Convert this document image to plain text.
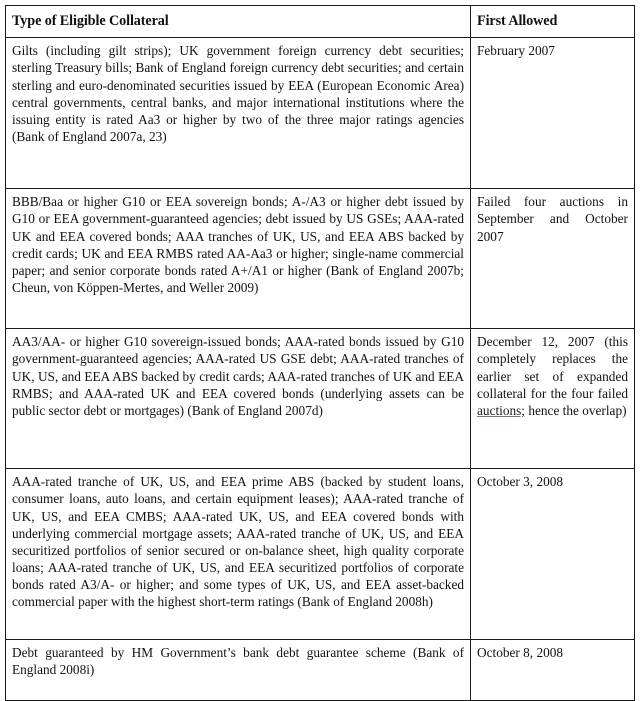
Type of Eligible Collateral	First Allowed
Gilts (including gilt strips); UK government foreign currency debt securities; sterling Treasury bills; Bank of England foreign currency debt securities; and certain sterling and euro-denominated securities issued by EEA (European Economic Area) central governments, central banks, and major international institutions where the issuing entity is rated Aa3 or higher by two of the three major ratings agencies (Bank of England 2007a, 23)	February 2007
BBB/Baa or higher G10 or EEA sovereign bonds; A-/A3 or higher debt issued by G10 or EEA government-guaranteed agencies; debt issued by US GSEs; AAA-rated UK and EEA covered bonds; AAA tranches of UK, US, and EEA ABS backed by credit cards; UK and EEA RMBS rated AA-Aa3 or higher; single-name commercial paper; and senior corporate bonds rated A+/A1 or higher (Bank of England 2007b; Cheun, von Köppen-Mertes, and Weller 2009)	Failed four auctions in September and October 2007
AA3/AA- or higher G10 sovereign-issued bonds; AAA-rated bonds issued by G10 government-guaranteed agencies; AAA-rated US GSE debt; AAA-rated tranches of UK, US, and EEA ABS backed by credit cards; AAA-rated tranches of UK and EEA RMBS; and AAA-rated UK and EEA covered bonds (underlying assets can be public sector debt or mortgages) (Bank of England 2007d)	December 12, 2007 (this completely replaces the earlier set of expanded collateral for the four failed auctions; hence the overlap)
AAA-rated tranche of UK, US, and EEA prime ABS (backed by student loans, consumer loans, auto loans, and certain equipment leases); AAA-rated tranche of UK, US, and EEA CMBS; AAA-rated UK, US, and EEA covered bonds with underlying commercial mortgage assets; AAA-rated tranche of UK, US, and EEA securitized portfolios of senior secured or on-balance sheet, high quality corporate loans; AAA-rated tranche of UK, US, and EEA securitized portfolios of corporate bonds rated A3/A- or higher; and some types of UK, US, and EEA asset-backed commercial paper with the highest short-term ratings (Bank of England 2008h)	October 3, 2008
Debt guaranteed by HM Government’s bank debt guarantee scheme (Bank of England 2008i)	October 8, 2008
